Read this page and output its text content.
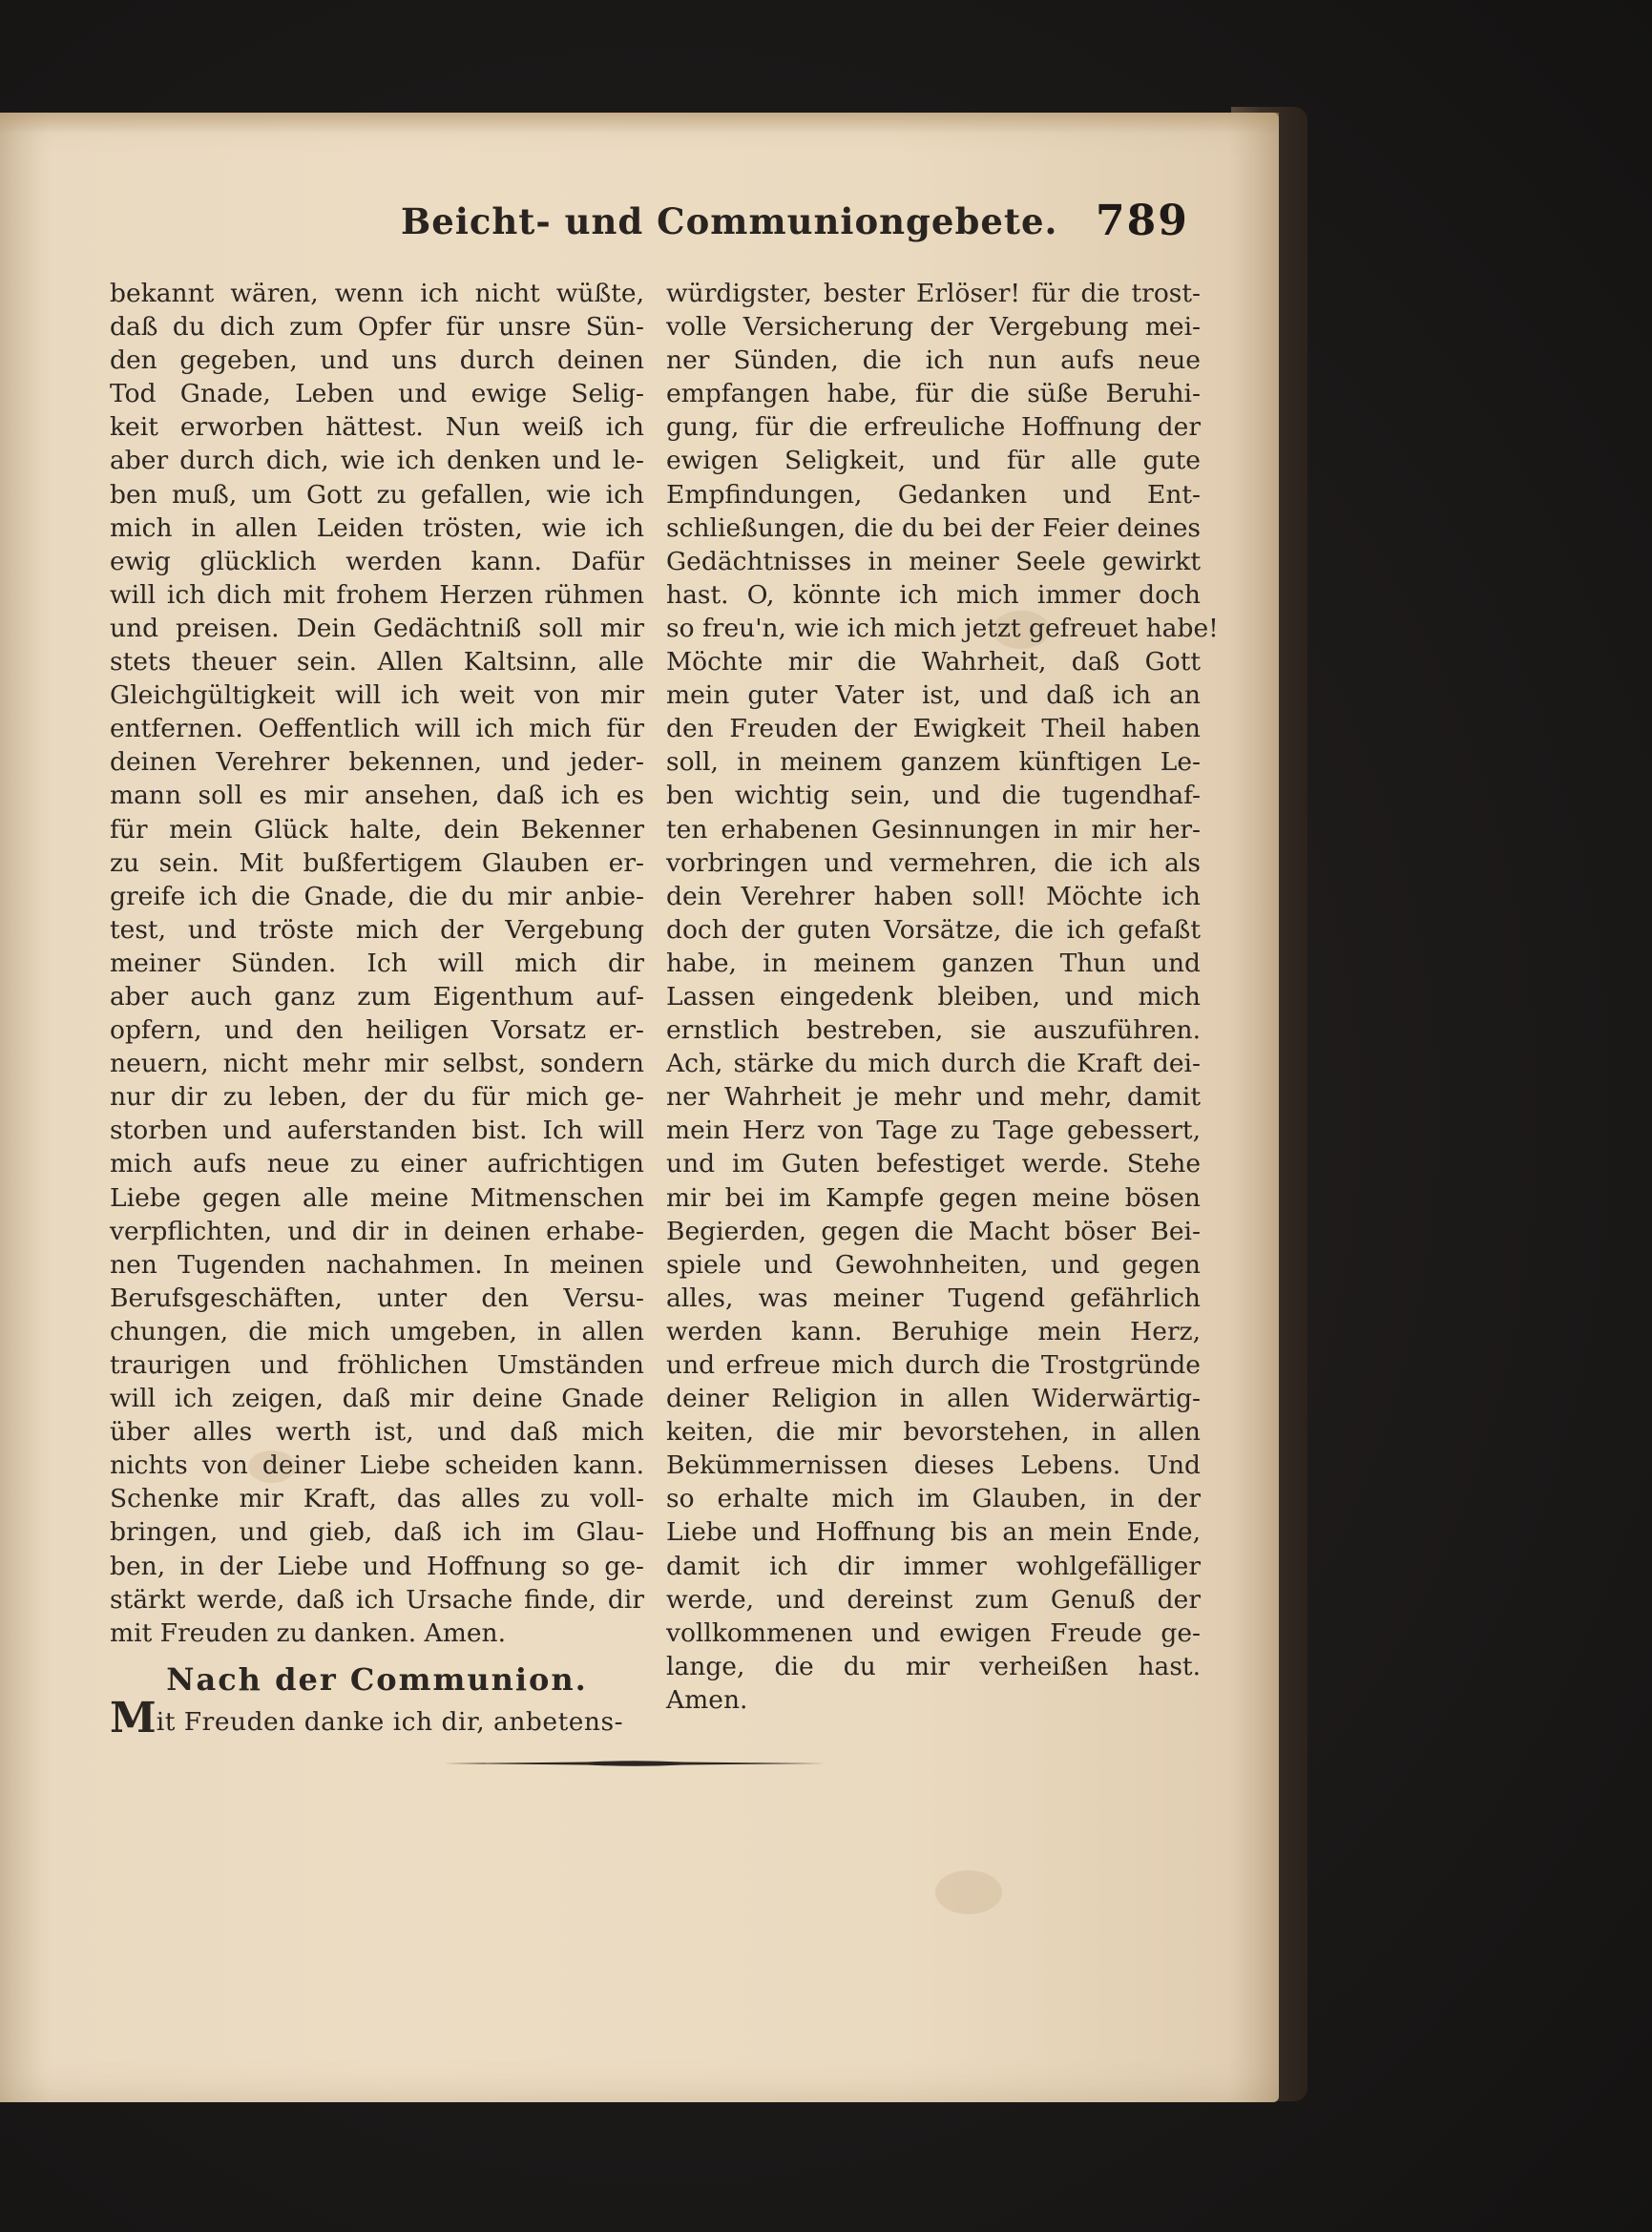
Beicht- und Communiongebete. 789
bekannt wären, wenn ich nicht wüßte,
daß du dich zum Opfer für unsre Sün-
den gegeben, und uns durch deinen
Tod Gnade, Leben und ewige Selig-
keit erworben hättest. Nun weiß ich
aber durch dich, wie ich denken und le-
ben muß, um Gott zu gefallen, wie ich
mich in allen Leiden trösten, wie ich
ewig glücklich werden kann. Dafür
will ich dich mit frohem Herzen rühmen
und preisen. Dein Gedächtniß soll mir
stets theuer sein. Allen Kaltsinn, alle
Gleichgültigkeit will ich weit von mir
entfernen. Oeffentlich will ich mich für
deinen Verehrer bekennen, und jeder-
mann soll es mir ansehen, daß ich es
für mein Glück halte, dein Bekenner
zu sein. Mit bußfertigem Glauben er-
greife ich die Gnade, die du mir anbie-
test, und tröste mich der Vergebung
meiner Sünden. Ich will mich dir
aber auch ganz zum Eigenthum auf-
opfern, und den heiligen Vorsatz er-
neuern, nicht mehr mir selbst, sondern
nur dir zu leben, der du für mich ge-
storben und auferstanden bist. Ich will
mich aufs neue zu einer aufrichtigen
Liebe gegen alle meine Mitmenschen
verpflichten, und dir in deinen erhabe-
nen Tugenden nachahmen. In meinen
Berufsgeschäften, unter den Versu-
chungen, die mich umgeben, in allen
traurigen und fröhlichen Umständen
will ich zeigen, daß mir deine Gnade
über alles werth ist, und daß mich
nichts von deiner Liebe scheiden kann.
Schenke mir Kraft, das alles zu voll-
bringen, und gieb, daß ich im Glau-
ben, in der Liebe und Hoffnung so ge-
stärkt werde, daß ich Ursache finde, dir
mit Freuden zu danken. Amen.
Nach der Communion.
Mit Freuden danke ich dir, anbetens-
würdigster, bester Erlöser! für die trost-
volle Versicherung der Vergebung mei-
ner Sünden, die ich nun aufs neue
empfangen habe, für die süße Beruhi-
gung, für die erfreuliche Hoffnung der
ewigen Seligkeit, und für alle gute
Empfindungen, Gedanken und Ent-
schließungen, die du bei der Feier deines
Gedächtnisses in meiner Seele gewirkt
hast. O, könnte ich mich immer doch
so freu'n, wie ich mich jetzt gefreuet habe!
Möchte mir die Wahrheit, daß Gott
mein guter Vater ist, und daß ich an
den Freuden der Ewigkeit Theil haben
soll, in meinem ganzem künftigen Le-
ben wichtig sein, und die tugendhaf-
ten erhabenen Gesinnungen in mir her-
vorbringen und vermehren, die ich als
dein Verehrer haben soll! Möchte ich
doch der guten Vorsätze, die ich gefaßt
habe, in meinem ganzen Thun und
Lassen eingedenk bleiben, und mich
ernstlich bestreben, sie auszuführen.
Ach, stärke du mich durch die Kraft dei-
ner Wahrheit je mehr und mehr, damit
mein Herz von Tage zu Tage gebessert,
und im Guten befestiget werde. Stehe
mir bei im Kampfe gegen meine bösen
Begierden, gegen die Macht böser Bei-
spiele und Gewohnheiten, und gegen
alles, was meiner Tugend gefährlich
werden kann. Beruhige mein Herz,
und erfreue mich durch die Trostgründe
deiner Religion in allen Widerwärtig-
keiten, die mir bevorstehen, in allen
Bekümmernissen dieses Lebens. Und
so erhalte mich im Glauben, in der
Liebe und Hoffnung bis an mein Ende,
damit ich dir immer wohlgefälliger
werde, und dereinst zum Genuß der
vollkommenen und ewigen Freude ge-
lange, die du mir verheißen hast.
Amen.
